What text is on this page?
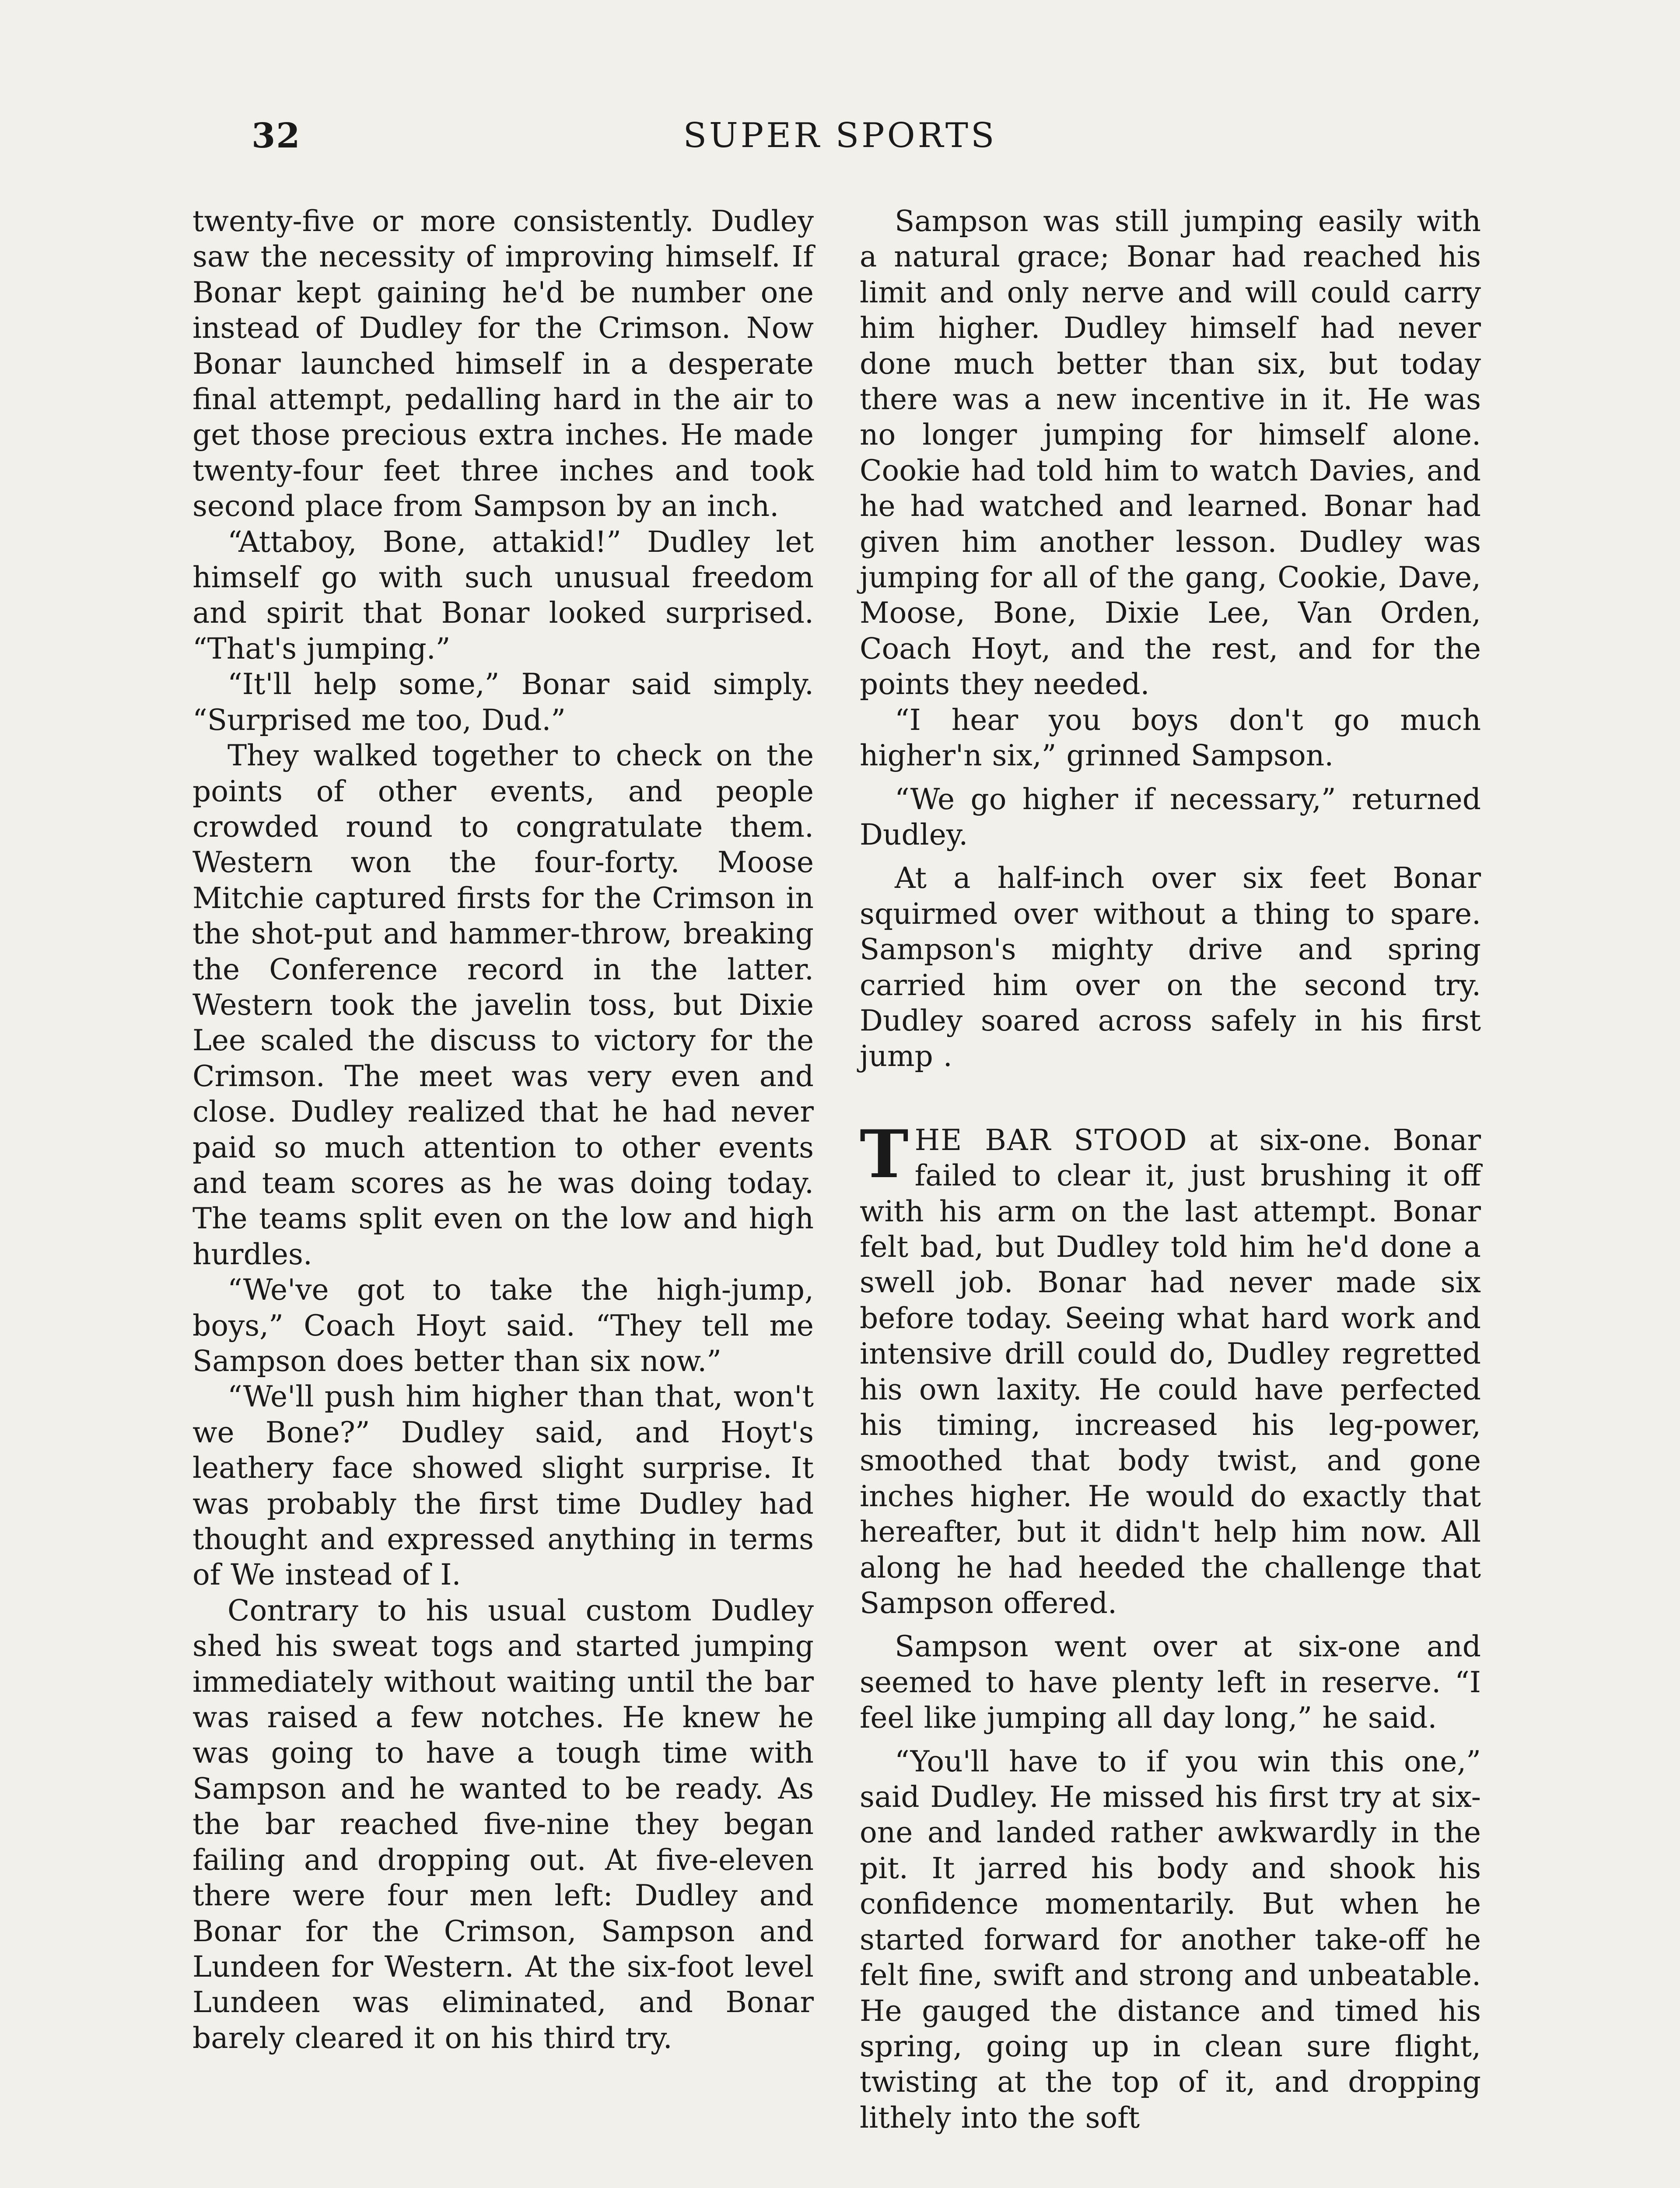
32	SUPER SPORTS

twenty-five or more consistently. Dudley saw the necessity of improving himself. If Bonar kept gaining he'd be number one instead of Dudley for the Crimson. Now Bonar launched himself in a desperate final attempt, pedalling hard in the air to get those precious extra inches. He made twenty-four feet three inches and took second place from Sampson by an inch.

“Attaboy, Bone, attakid!” Dudley let himself go with such unusual freedom and spirit that Bonar looked surprised. “That's jumping.”

“It'll help some,” Bonar said simply. “Surprised me too, Dud.”

They walked together to check on the points of other events, and people crowded round to congratulate them. Western won the four-forty. Moose Mitchie captured firsts for the Crimson in the shot-put and hammer-throw, breaking the Conference record in the latter. Western took the javelin toss, but Dixie Lee scaled the discuss to victory for the Crimson. The meet was very even and close. Dudley realized that he had never paid so much attention to other events and team scores as he was doing today. The teams split even on the low and high hurdles.

“We've got to take the high-jump, boys,” Coach Hoyt said. “They tell me Sampson does better than six now.”

“We'll push him higher than that, won't we Bone?” Dudley said, and Hoyt's leathery face showed slight surprise. It was probably the first time Dudley had thought and expressed anything in terms of We instead of I.

Contrary to his usual custom Dudley shed his sweat togs and started jumping immediately without waiting until the bar was raised a few notches. He knew he was going to have a tough time with Sampson and he wanted to be ready. As the bar reached five-nine they began failing and dropping out. At five-eleven there were four men left: Dudley and Bonar for the Crimson, Sampson and Lundeen for Western. At the six-foot level Lundeen was eliminated, and Bonar barely cleared it on his third try.

Sampson was still jumping easily with a natural grace; Bonar had reached his limit and only nerve and will could carry him higher. Dudley himself had never done much better than six, but today there was a new incentive in it. He was no longer jumping for himself alone. Cookie had told him to watch Davies, and he had watched and learned. Bonar had given him another lesson. Dudley was jumping for all of the gang, Cookie, Dave, Moose, Bone, Dixie Lee, Van Orden, Coach Hoyt, and the rest, and for the points they needed.

“I hear you boys don't go much higher'n six,” grinned Sampson.

“We go higher if necessary,” returned Dudley.

At a half-inch over six feet Bonar squirmed over without a thing to spare. Sampson's mighty drive and spring carried him over on the second try. Dudley soared across safely in his first jump .

THE BAR STOOD at six-one. Bonar failed to clear it, just brushing it off with his arm on the last attempt. Bonar felt bad, but Dudley told him he'd done a swell job. Bonar had never made six before today. Seeing what hard work and intensive drill could do, Dudley regretted his own laxity. He could have perfected his timing, increased his leg-power, smoothed that body twist, and gone inches higher. He would do exactly that hereafter, but it didn't help him now. All along he had heeded the challenge that Sampson offered.

Sampson went over at six-one and seemed to have plenty left in reserve. “I feel like jumping all day long,” he said.

“You'll have to if you win this one,” said Dudley. He missed his first try at six-one and landed rather awkwardly in the pit. It jarred his body and shook his confidence momentarily. But when he started forward for another take-off he felt fine, swift and strong and unbeatable. He gauged the distance and timed his spring, going up in clean sure flight, twisting at the top of it, and dropping lithely into the soft
